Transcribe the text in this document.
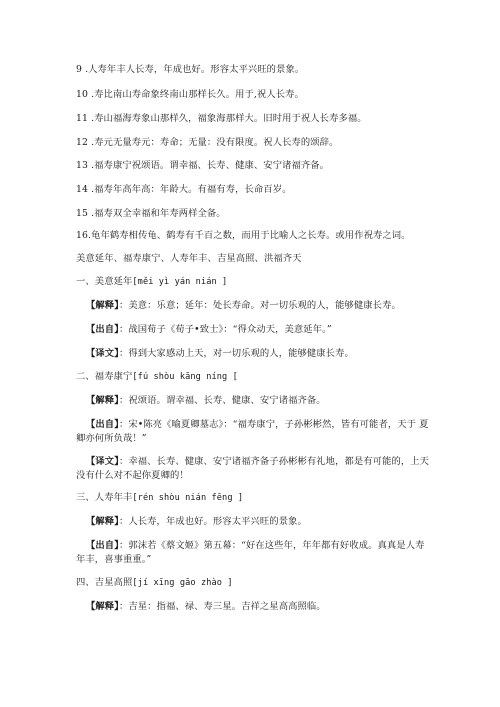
9 .人寿年丰人长寿，年成也好。形容太平兴旺的景象。
10 .寿比南山寿命象终南山那样长久。用于,祝人长寿。
11 .寿山福海寿象山那样久，福象海那样大。旧时用于祝人长寿多福。
12 .寿元无量寿元：寿命；无量：没有限度。祝人长寿的颂辞。
13 .福寿康宁祝颂语。谓幸福、长寿、健康、安宁诸福齐备。
14 .福寿年高年高：年龄大。有福有寿，长命百岁。
15 .福寿双全幸福和年寿两样全备。
16.龟年鹤寿相传龟、鹤寿有千百之数，而用于比喻人之长寿。或用作祝寿之词。
美意延年、福寿康宁、人寿年丰、吉星高照、洪福齐天
一、美意延年[měi yì yán nián ]
【解释】：美意：乐意；延年：处长寿命。对一切乐观的人，能够健康长寿。
【出自】：战国荀子《荀子•致士》：“得众动天，美意延年。”
【译文】：得到大家感动上天，对一切乐观的人，能够健康长寿。
二、福寿康宁[fú shòu kāng níng [
【解释】：祝颂语。谓幸福、长寿、健康、安宁诸福齐备。
【出自】：宋•陈亮《喻夏卿墓志》：“福寿康宁，子孙彬彬然，皆有可能者，天于 夏卿亦何所负哉！”
【译文】：幸福、长寿、健康、安宁诸福齐备子孙彬彬有礼地，都是有可能的，上天 没有什么对不起你夏卿的！
三、人寿年丰[rén shòu nián fēng ]
【解释】：人长寿，年成也好。形容太平兴旺的景象。
【出自】：郭沫若《蔡文姬》第五幕：“好在这些年，年年都有好收成。真真是人寿 年丰，喜事重重。”
四、吉星高照[jí xīng gāo zhào ]
【解释】：吉星：指福、禄、寿三星。吉祥之星高高照临。
